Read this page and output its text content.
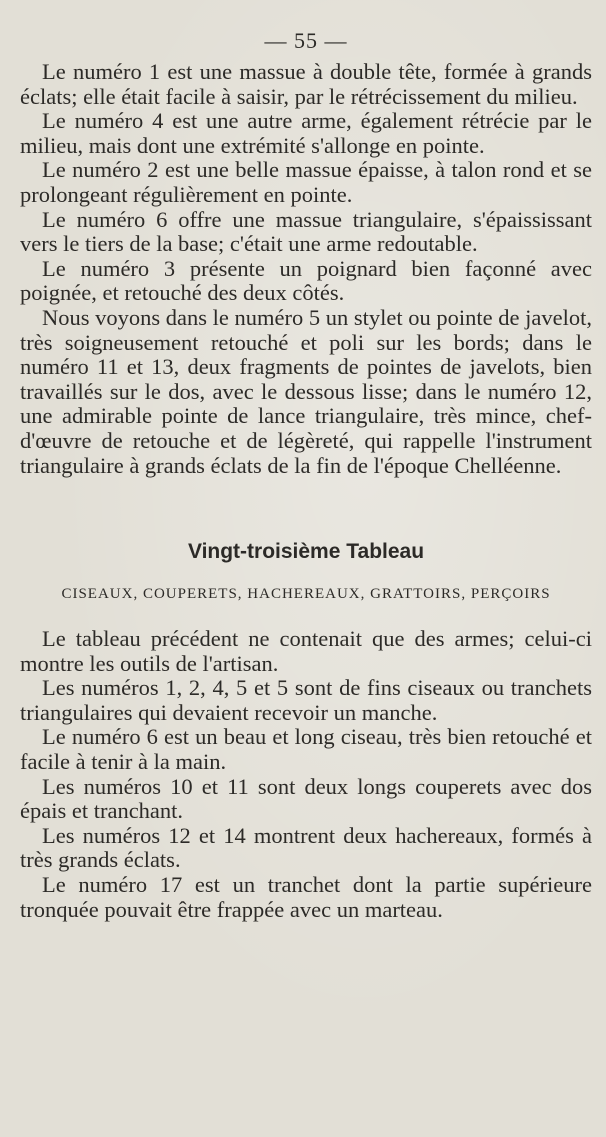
— 55 —

Le numéro 1 est une massue à double tête, formée à grands éclats; elle était facile à saisir, par le rétrécissement du milieu.

Le numéro 4 est une autre arme, également rétrécie par le milieu, mais dont une extrémité s'allonge en pointe.

Le numéro 2 est une belle massue épaisse, à talon rond et se prolongeant régulièrement en pointe.

Le numéro 6 offre une massue triangulaire, s'épaississant vers le tiers de la base; c'était une arme redoutable.

Le numéro 3 présente un poignard bien façonné avec poignée, et retouché des deux côtés.

Nous voyons dans le numéro 5 un stylet ou pointe de javelot, très soigneusement retouché et poli sur les bords; dans le numéro 11 et 13, deux fragments de pointes de javelots, bien travaillés sur le dos, avec le dessous lisse; dans le numéro 12, une admirable pointe de lance triangulaire, très mince, chef-d'œuvre de retouche et de légèreté, qui rappelle l'instrument triangulaire à grands éclats de la fin de l'époque Chelléenne.

Vingt-troisième Tableau
CISEAUX, COUPERETS, HACHEREAUX, GRATTOIRS, PERÇOIRS

Le tableau précédent ne contenait que des armes; celui-ci montre les outils de l'artisan.

Les numéros 1, 2, 4, 5 et 5 sont de fins ciseaux ou tranchets triangulaires qui devaient recevoir un manche.

Le numéro 6 est un beau et long ciseau, très bien retouché et facile à tenir à la main.

Les numéros 10 et 11 sont deux longs couperets avec dos épais et tranchant.

Les numéros 12 et 14 montrent deux hachereaux, formés à très grands éclats.

Le numéro 17 est un tranchet dont la partie supérieure tronquée pouvait être frappée avec un marteau.
